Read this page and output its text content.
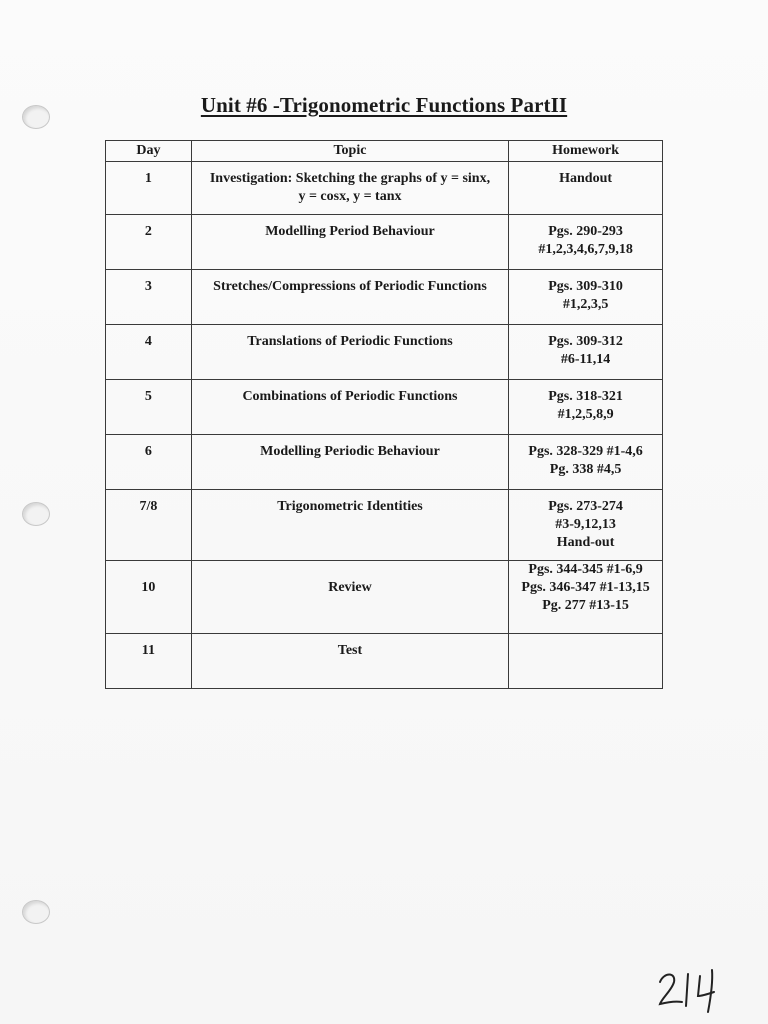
Unit #6 -Trigonometric Functions PartII
Day	Topic	Homework
1	Investigation: Sketching the graphs of y = sinx,
y = cosx, y = tanx	Handout

2	Modelling Period Behaviour	Pgs. 290-293
#1,2,3,4,6,7,9,18

3	Stretches/Compressions of Periodic Functions	Pgs. 309-310
#1,2,3,5

4	Translations of Periodic Functions	Pgs. 309-312
#6-11,14

5	Combinations of Periodic Functions	Pgs. 318-321
#1,2,5,8,9

6	Modelling Periodic Behaviour	Pgs. 328-329 #1-4,6
Pg. 338 #4,5

7/8	Trigonometric Identities	Pgs. 273-274
#3-9,12,13
Hand-out

10	Review	Pgs. 344-345 #1-6,9
Pgs. 346-347 #1-13,15
Pg. 277 #13-15

11	Test	
